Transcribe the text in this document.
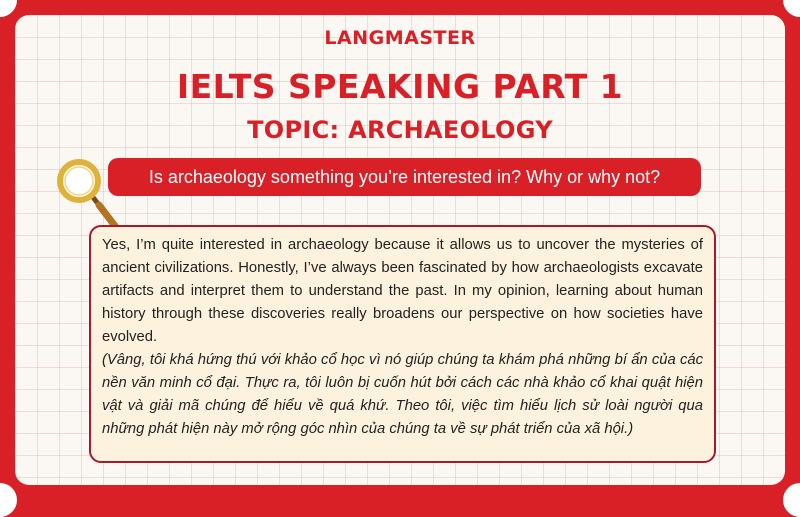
LANGMASTER
IELTS SPEAKING PART 1
TOPIC: ARCHAEOLOGY
Is archaeology something you’re interested in? Why or why not?

Yes, I’m quite interested in archaeology because it allows us to uncover the mysteries of ancient civilizations. Honestly, I’ve always been fascinated by how archaeologists excavate artifacts and interpret them to understand the past. In my opinion, learning about human history through these discoveries really broadens our perspective on how societies have evolved.

(Vâng, tôi khá hứng thú với khảo cổ học vì nó giúp chúng ta khám phá những bí ẩn của các nền văn minh cổ đại. Thực ra, tôi luôn bị cuốn hút bởi cách các nhà khảo cổ khai quật hiện vật và giải mã chúng để hiểu về quá khứ. Theo tôi, việc tìm hiểu lịch sử loài người qua những phát hiện này mở rộng góc nhìn của chúng ta về sự phát triển của xã hội.)
